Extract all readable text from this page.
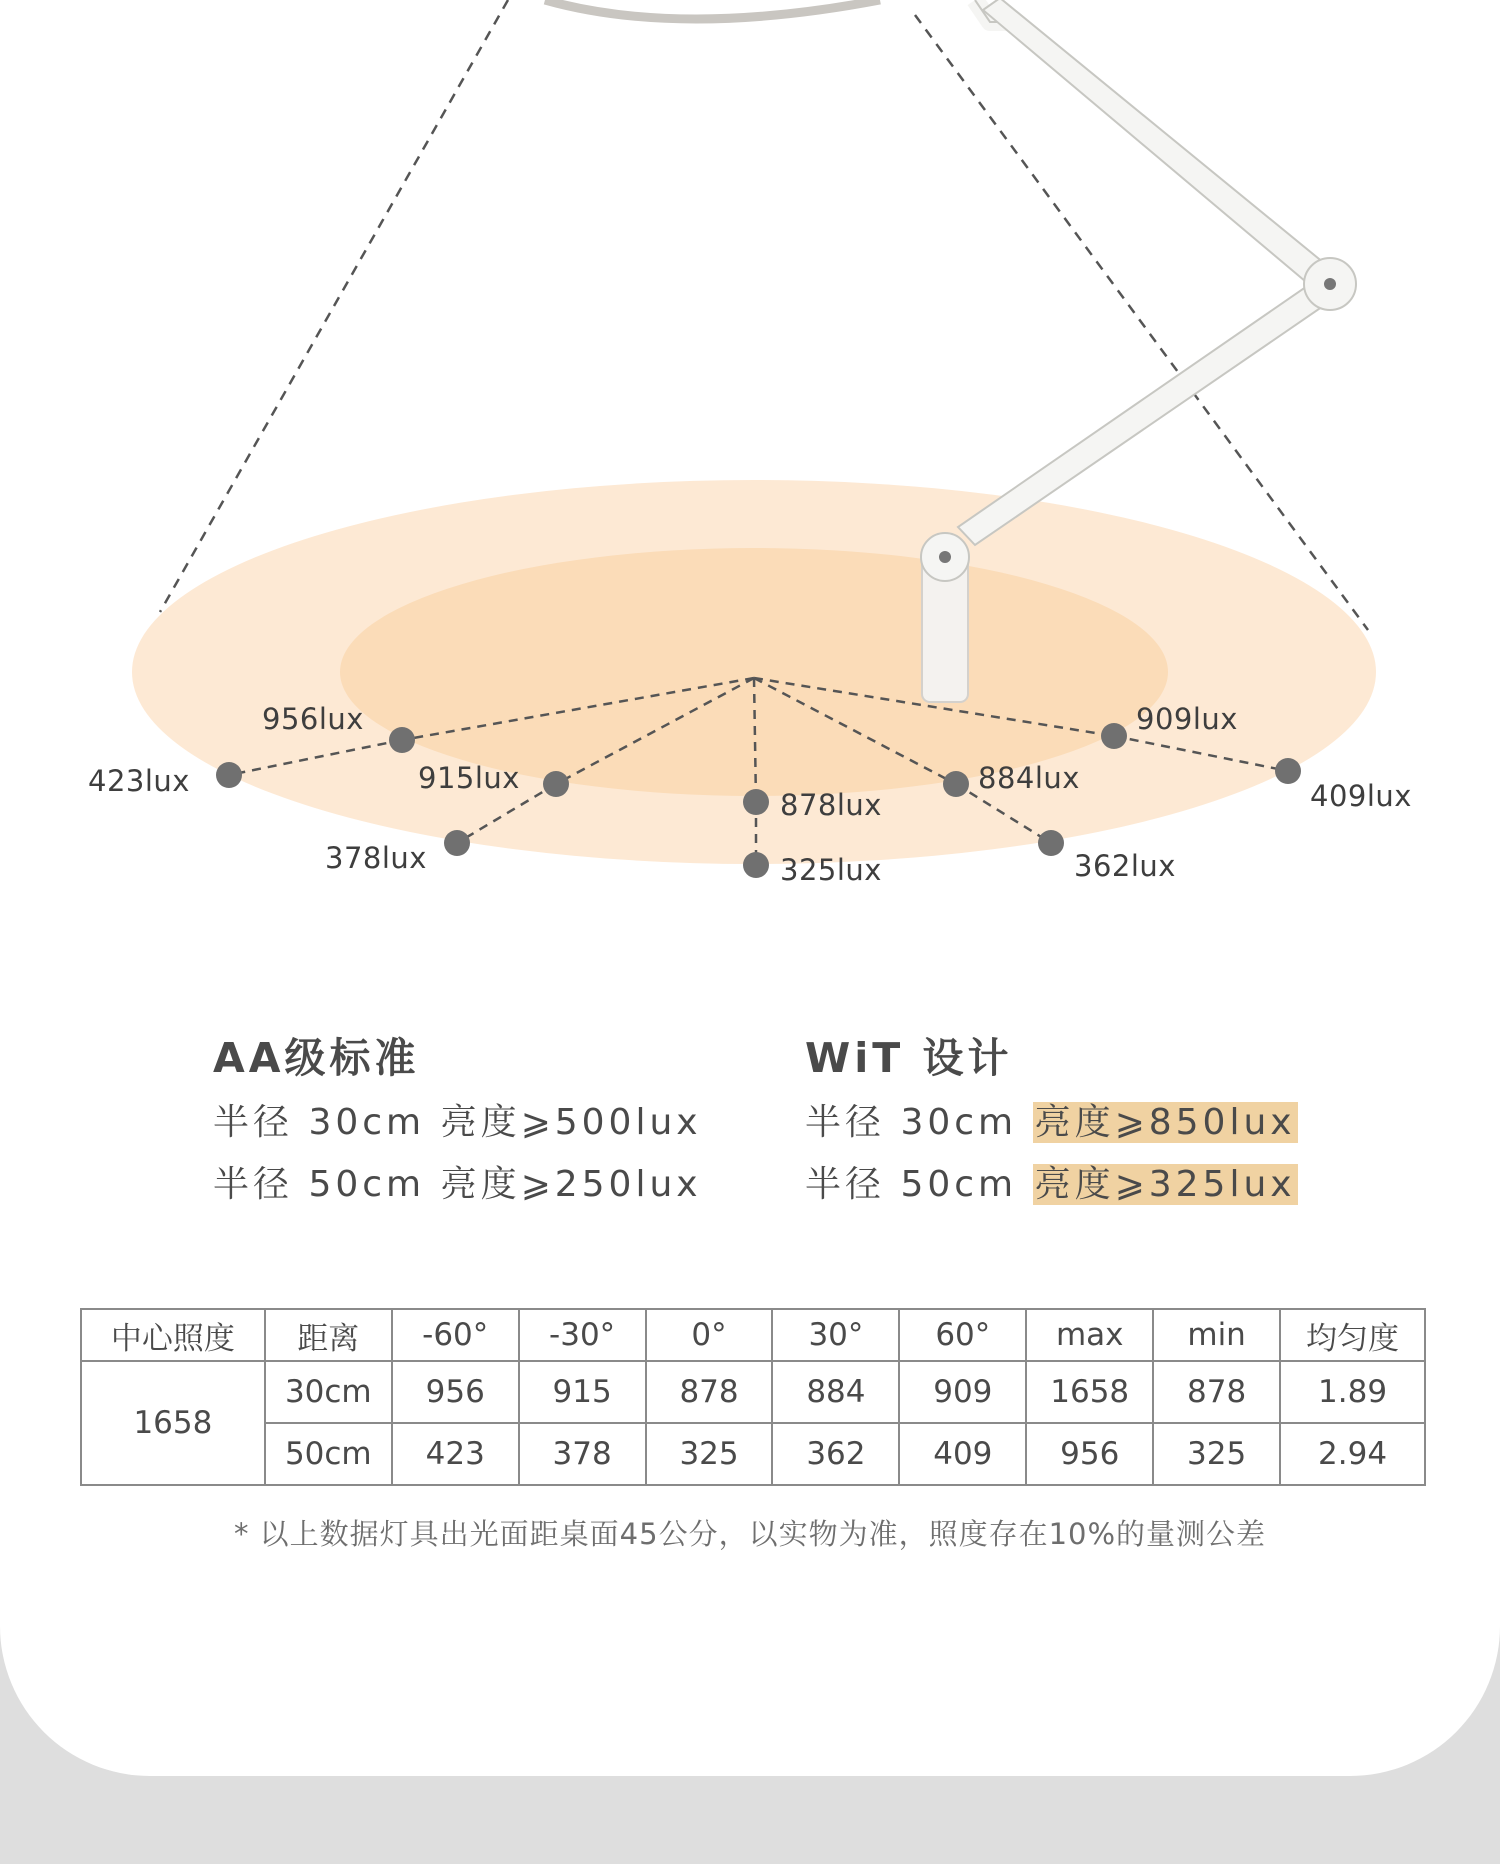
956lux
915lux
878lux
884lux
909lux
423lux
378lux	325lux	362lux
409lux
AA级标准
半径 30cm 亮度⩾500lux
半径 50cm 亮度⩾250lux
WiT 设计
半径 30cm 亮度⩾850lux
半径 50cm 亮度⩾325lux
中心照度	距离	-60°	-30°	0°	30°	60°	max	min	均匀度
1658	30cm	956	915	878	884	909	1658	878	1.89
	50cm	423	378	325	362	409	956	325	2.94
* 以上数据灯具出光面距桌面45公分，以实物为准，照度存在10%的量测公差
